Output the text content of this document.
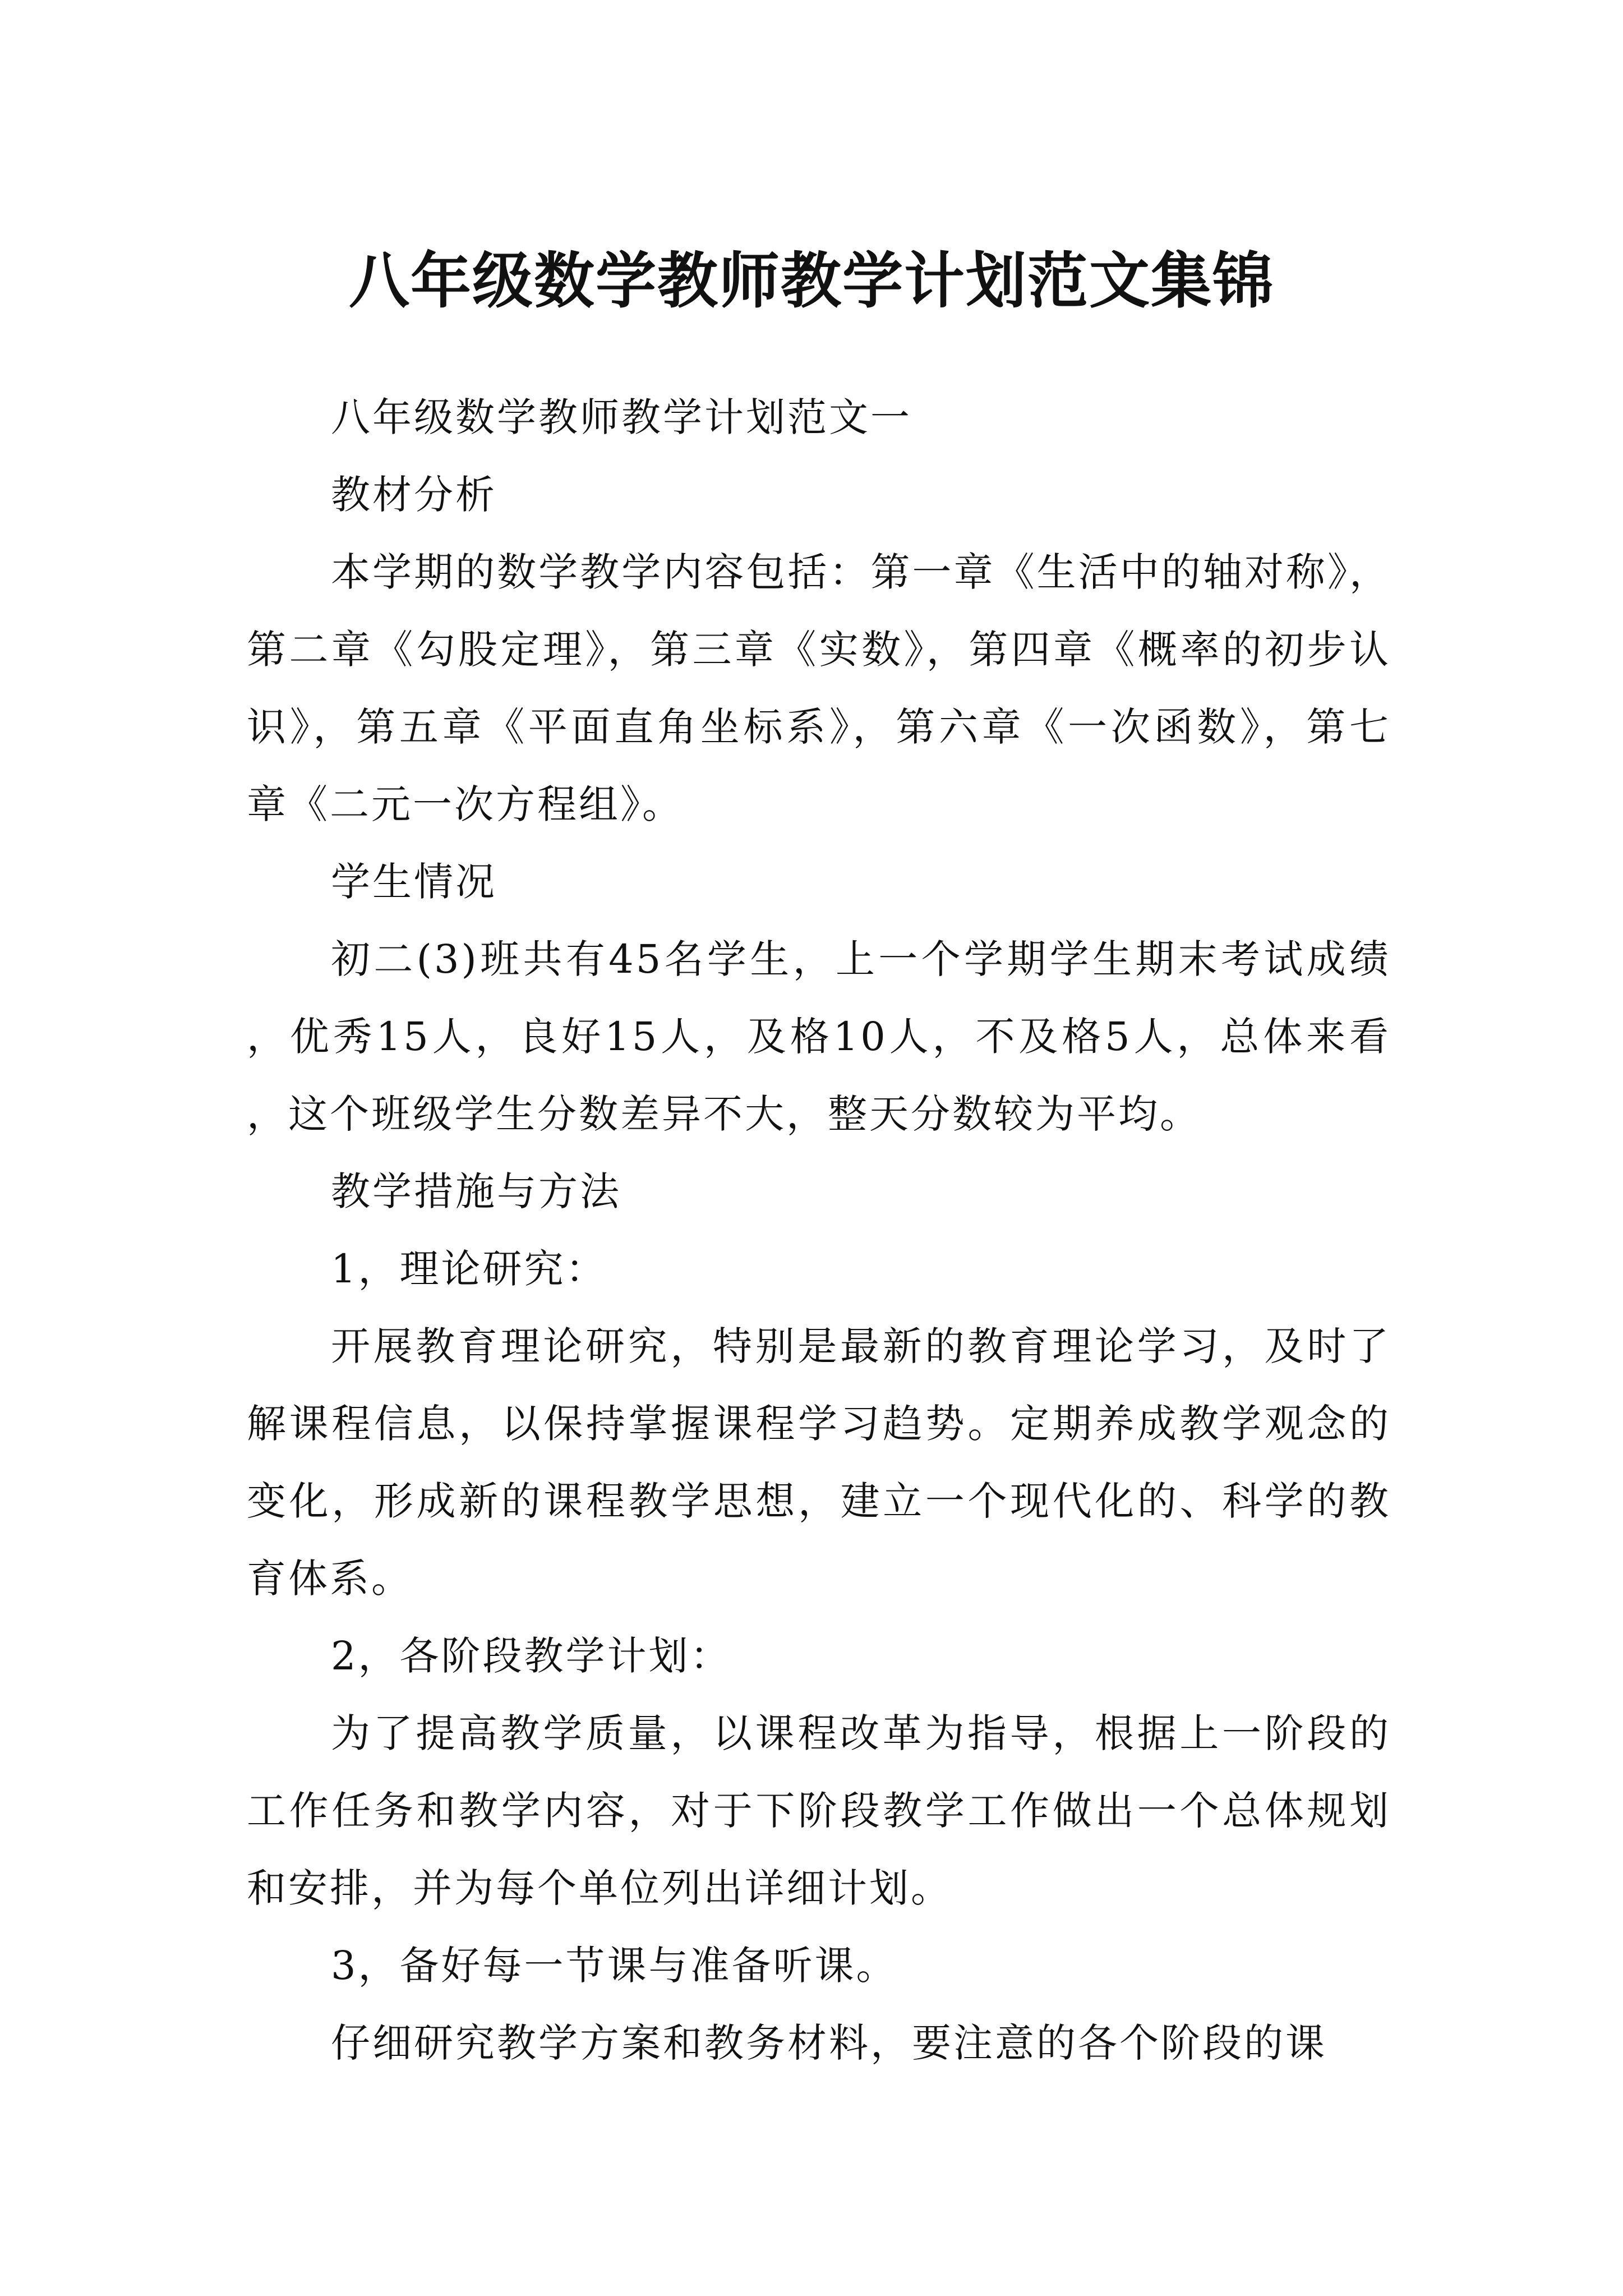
八年级数学教师教学计划范文集锦

八年级数学教师教学计划范文一

教材分析

本学期的数学教学内容包括：第一章《生活中的轴对称》，第二章《勾股定理》，第三章《实数》，第四章《概率的初步认识》，第五章《平面直角坐标系》，第六章《一次函数》，第七章《二元一次方程组》。

学生情况

初二(3)班共有45名学生，上一个学期学生期末考试成绩，优秀15人，良好15人，及格10人，不及格5人，总体来看，这个班级学生分数差异不大，整天分数较为平均。

教学措施与方法

1，理论研究：

开展教育理论研究，特别是最新的教育理论学习，及时了解课程信息，以保持掌握课程学习趋势。定期养成教学观念的变化，形成新的课程教学思想，建立一个现代化的、科学的教育体系。

2，各阶段教学计划：

为了提高教学质量，以课程改革为指导，根据上一阶段的工作任务和教学内容，对于下阶段教学工作做出一个总体规划和安排，并为每个单位列出详细计划。

3，备好每一节课与准备听课。

仔细研究教学方案和教务材料，要注意的各个阶段的课
